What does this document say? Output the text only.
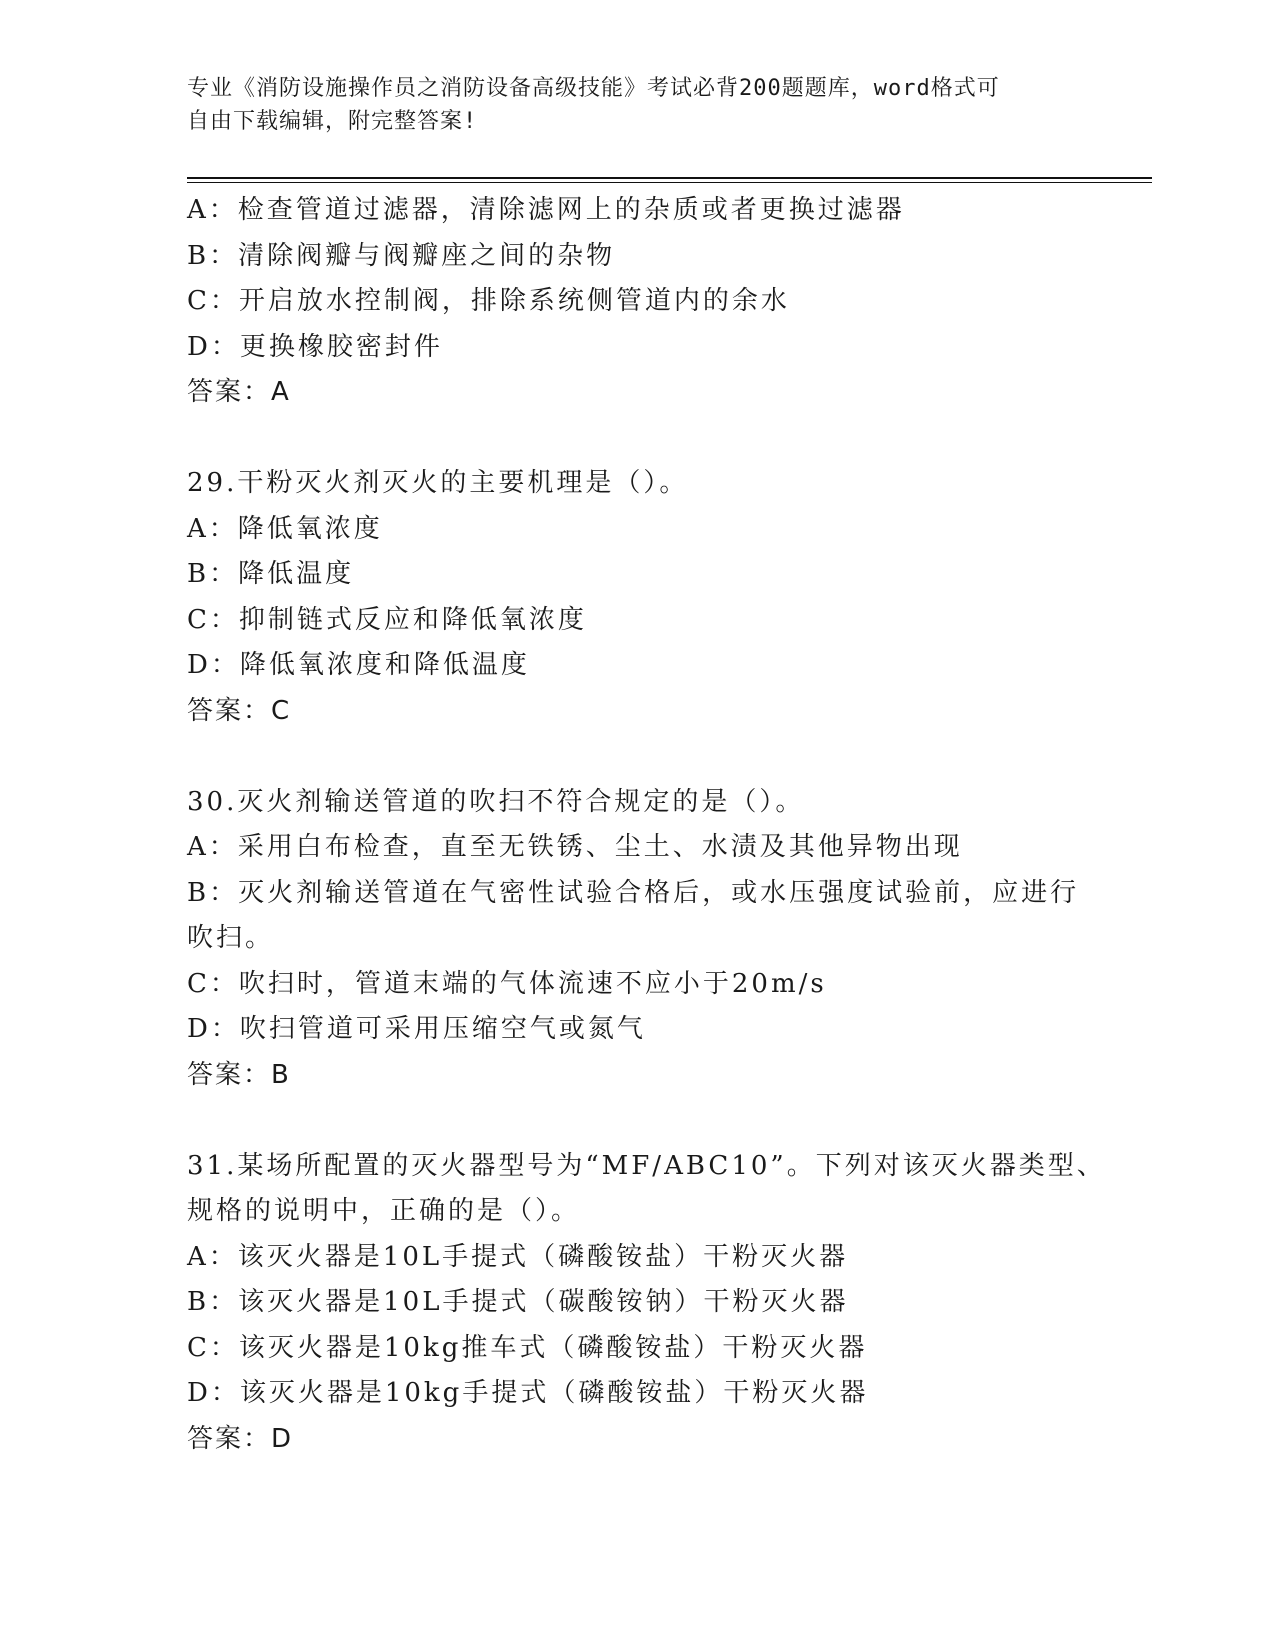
专业《消防设施操作员之消防设备高级技能》考试必背200题题库，word格式可
自由下载编辑，附完整答案!
A：检查管道过滤器，清除滤网上的杂质或者更换过滤器
B：清除阀瓣与阀瓣座之间的杂物
C：开启放水控制阀，排除系统侧管道内的余水
D：更换橡胶密封件
答案：A
29.干粉灭火剂灭火的主要机理是（）。
A：降低氧浓度
B：降低温度
C：抑制链式反应和降低氧浓度
D：降低氧浓度和降低温度
答案：C
30.灭火剂输送管道的吹扫不符合规定的是（）。
A：采用白布检查，直至无铁锈、尘土、水渍及其他异物出现
B：灭火剂输送管道在气密性试验合格后，或水压强度试验前，应进行
吹扫。
C：吹扫时，管道末端的气体流速不应小于20m/s
D：吹扫管道可采用压缩空气或氮气
答案：B
31.某场所配置的灭火器型号为“MF/ABC10”。下列对该灭火器类型、
规格的说明中，正确的是（）。
A：该灭火器是10L手提式（磷酸铵盐）干粉灭火器
B：该灭火器是10L手提式（碳酸铵钠）干粉灭火器
C：该灭火器是10kg推车式（磷酸铵盐）干粉灭火器
D：该灭火器是10kg手提式（磷酸铵盐）干粉灭火器
答案：D
